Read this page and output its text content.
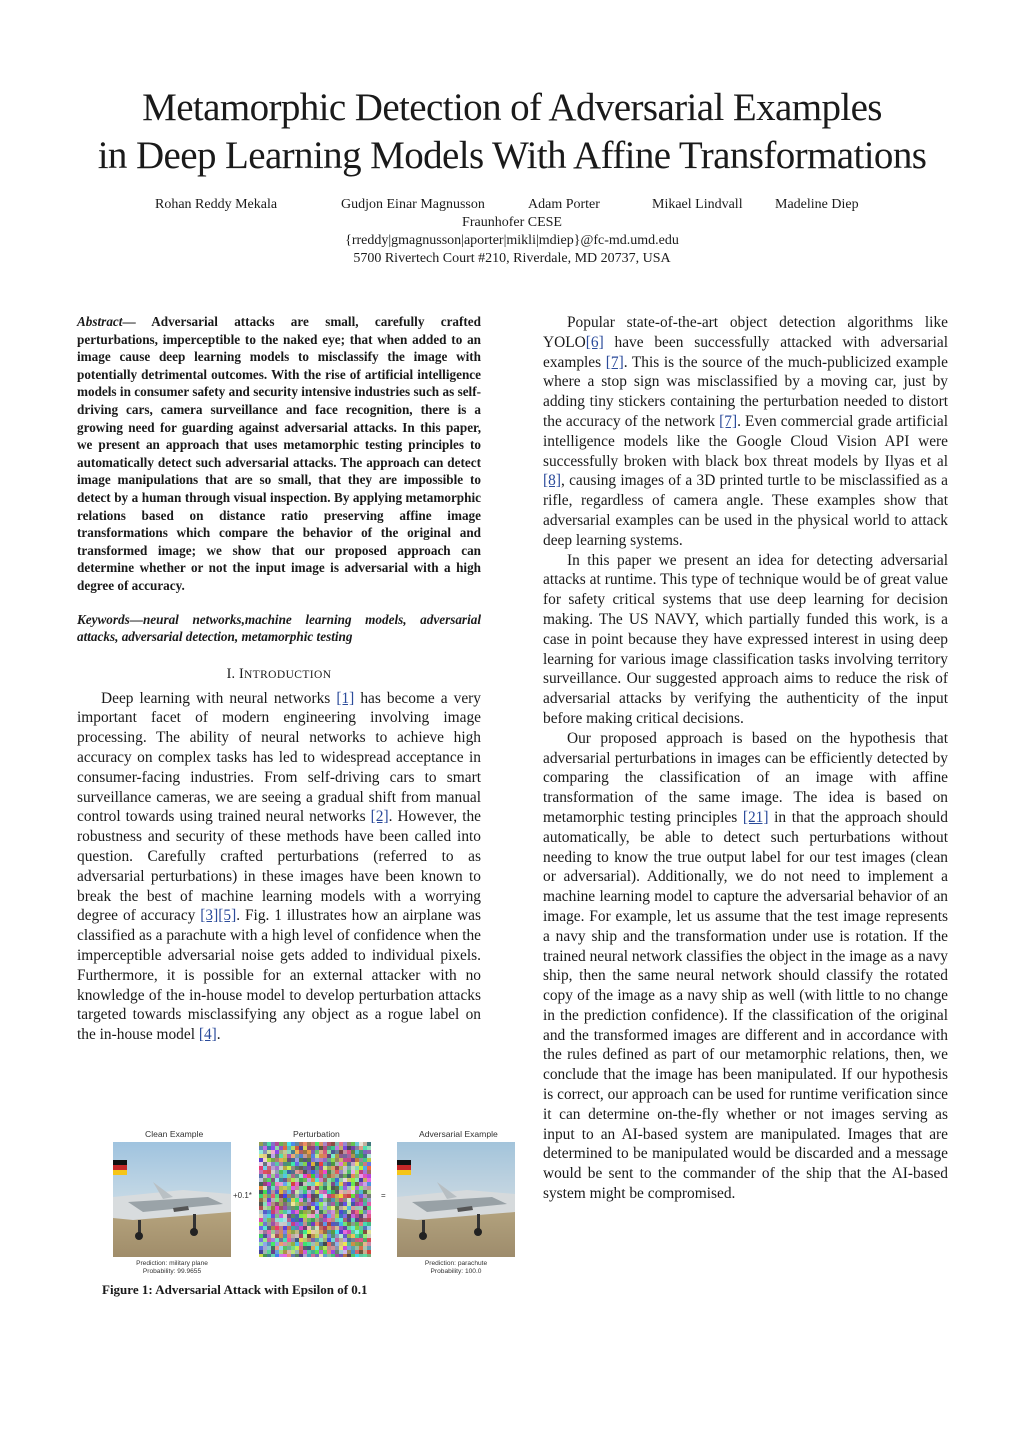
Metamorphic Detection of Adversarial Examples
in Deep Learning Models With Affine Transformations
Rohan Reddy Mekala	Gudjon Einar Magnusson	Adam Porter	Mikael Lindvall Madeline Diep
Fraunhofer CESE
{rreddy|gmagnusson|aporter|mikli|mdiep}@fc-md.umd.edu
5700 Rivertech Court #210, Riverdale, MD 20737, USA

Abstract— Adversarial attacks are small, carefully crafted perturbations, imperceptible to the naked eye; that when added to an image cause deep learning models to misclassify the image with potentially detrimental outcomes. With the rise of artificial intelligence models in consumer safety and security intensive industries such as self-driving cars, camera surveillance and face recognition, there is a growing need for guarding against adversarial attacks. In this paper, we present an approach that uses metamorphic testing principles to automatically detect such adversarial attacks. The approach can detect image manipulations that are so small, that they are impossible to detect by a human through visual inspection. By applying metamorphic relations based on distance ratio preserving affine image transformations which compare the behavior of the original and transformed image; we show that our proposed approach can determine whether or not the input image is adversarial with a high degree of accuracy.

Keywords—neural networks,machine learning models, adversarial attacks, adversarial detection, metamorphic testing

I. INTRODUCTION

Deep learning with neural networks [1] has become a very important facet of modern engineering involving image processing. The ability of neural networks to achieve high accuracy on complex tasks has led to widespread acceptance in consumer-facing industries. From self-driving cars to smart surveillance cameras, we are seeing a gradual shift from manual control towards using trained neural networks [2]. However, the robustness and security of these methods have been called into question. Carefully crafted perturbations (referred to as adversarial perturbations) in these images have been known to break the best of machine learning models with a worrying degree of accuracy [3][5]. Fig. 1 illustrates how an airplane was classified as a parachute with a high level of confidence when the imperceptible adversarial noise gets added to individual pixels. Furthermore, it is possible for an external attacker with no knowledge of the in-house model to develop perturbation attacks targeted towards misclassifying any object as a rogue label on the in-house model [4].

Clean Example	Perturbation	Adversarial Example
+0.1*	=
Prediction: military plane
Probability: 99.9655
Prediction: parachute
Probability: 100.0

Figure 1: Adversarial Attack with Epsilon of 0.1

Popular state-of-the-art object detection algorithms like YOLO[6] have been successfully attacked with adversarial examples [7]. This is the source of the much-publicized example where a stop sign was misclassified by a moving car, just by adding tiny stickers containing the perturbation needed to distort the accuracy of the network [7]. Even commercial grade artificial intelligence models like the Google Cloud Vision API were successfully broken with black box threat models by Ilyas et al [8], causing images of a 3D printed turtle to be misclassified as a rifle, regardless of camera angle. These examples show that adversarial examples can be used in the physical world to attack deep learning systems.

In this paper we present an idea for detecting adversarial attacks at runtime. This type of technique would be of great value for safety critical systems that use deep learning for decision making. The US NAVY, which partially funded this work, is a case in point because they have expressed interest in using deep learning for various image classification tasks involving territory surveillance. Our suggested approach aims to reduce the risk of adversarial attacks by verifying the authenticity of the input before making critical decisions.

Our proposed approach is based on the hypothesis that adversarial perturbations in images can be efficiently detected by comparing the classification of an image with affine transformation of the same image. The idea is based on metamorphic testing principles [21] in that the approach should automatically, be able to detect such perturbations without needing to know the true output label for our test images (clean or adversarial). Additionally, we do not need to implement a machine learning model to capture the adversarial behavior of an image. For example, let us assume that the test image represents a navy ship and the transformation under use is rotation. If the trained neural network classifies the object in the image as a navy ship, then the same neural network should classify the rotated copy of the image as a navy ship as well (with little to no change in the prediction confidence). If the classification of the original and the transformed images are different and in accordance with the rules defined as part of our metamorphic relations, then, we conclude that the image has been manipulated. If our hypothesis is correct, our approach can be used for runtime verification since it can determine on-the-fly whether or not images serving as input to an AI-based system are manipulated. Images that are determined to be manipulated would be discarded and a message would be sent to the commander of the ship that the AI-based system might be compromised.
